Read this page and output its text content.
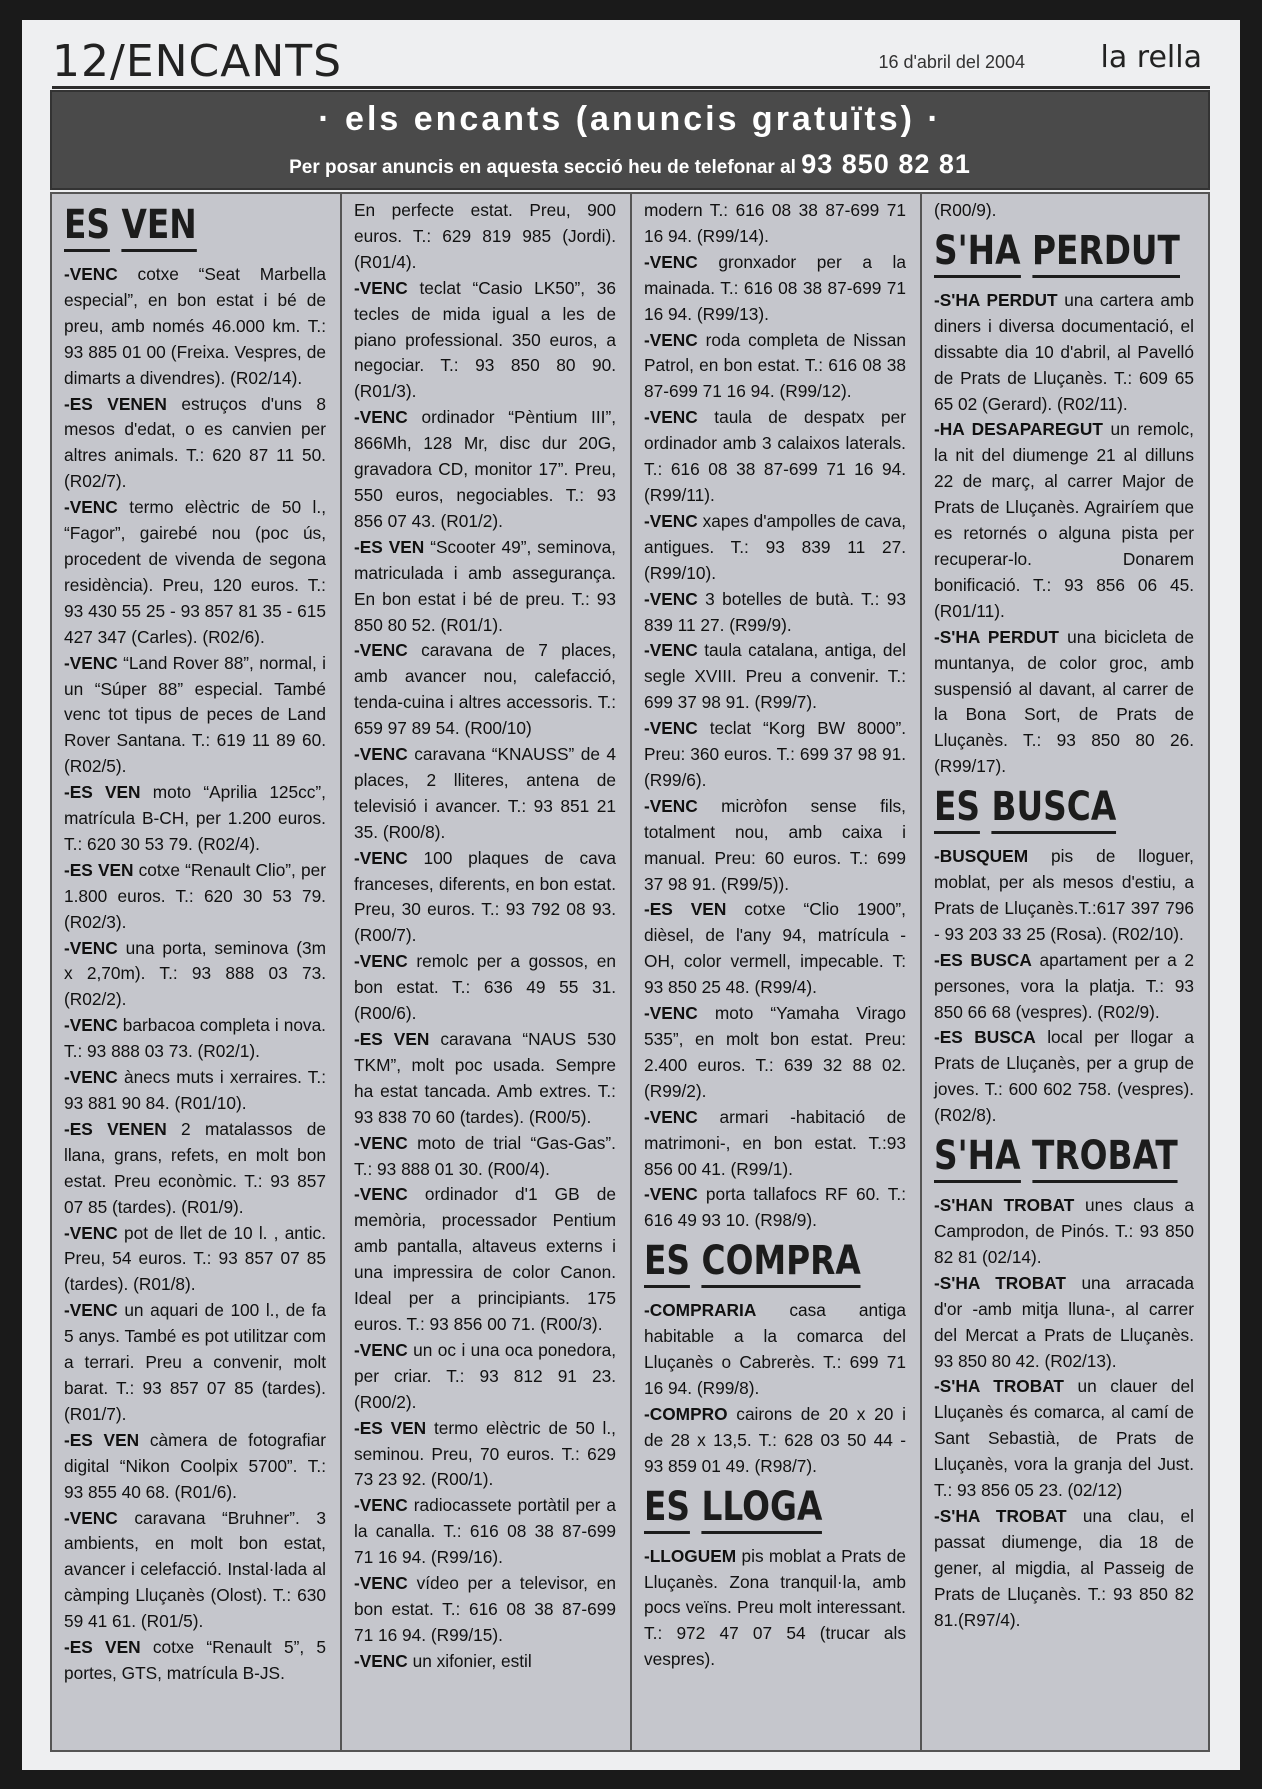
12/ENCANTS	16 d'abril del 2004	la rella
· els encants (anuncis gratuïts) ·
Per posar anuncis en aquesta secció heu de telefonar al 93 850 82 81
ES VEN

-VENC cotxe “Seat Marbella especial”, en bon estat i bé de preu, amb només 46.000 km. T.: 93 885 01 00 (Freixa. Vespres, de dimarts a divendres). (R02/14).

-ES VENEN estruços d'uns 8 mesos d'edat, o es canvien per altres animals. T.: 620 87 11 50. (R02/7).

-VENC termo elèctric de 50 l., “Fagor”, gairebé nou (poc ús, procedent de vivenda de segona residència). Preu, 120 euros. T.: 93 430 55 25 - 93 857 81 35 - 615 427 347 (Carles). (R02/6).

-VENC “Land Rover 88”, normal, i un “Súper 88” especial. També venc tot tipus de peces de Land Rover Santana. T.: 619 11 89 60. (R02/5).

-ES VEN moto “Aprilia 125cc”, matrícula B-CH, per 1.200 euros. T.: 620 30 53 79. (R02/4).

-ES VEN cotxe “Renault Clio”, per 1.800 euros. T.: 620 30 53 79. (R02/3).

-VENC una porta, seminova (3m x 2,70m). T.: 93 888 03 73. (R02/2).

-VENC barbacoa completa i nova. T.: 93 888 03 73. (R02/1).

-VENC ànecs muts i xerraires. T.: 93 881 90 84. (R01/10).

-ES VENEN 2 matalassos de llana, grans, refets, en molt bon estat. Preu econòmic. T.: 93 857 07 85 (tardes). (R01/9).

-VENC pot de llet de 10 l. , antic. Preu, 54 euros. T.: 93 857 07 85 (tardes). (R01/8).

-VENC un aquari de 100 l., de fa 5 anys. També es pot utilitzar com a terrari. Preu a convenir, molt barat. T.: 93 857 07 85 (tardes). (R01/7).

-ES VEN càmera de fotografiar digital “Nikon Coolpix 5700”. T.: 93 855 40 68. (R01/6).

-VENC caravana “Bruhner”. 3 ambients, en molt bon estat, avancer i celefacció. Instal·lada al càmping Lluçanès (Olost). T.: 630 59 41 61. (R01/5).

-ES VEN cotxe “Renault 5”, 5 portes, GTS, matrícula B-JS.

En perfecte estat. Preu, 900 euros. T.: 629 819 985 (Jordi). (R01/4).

-VENC teclat “Casio LK50”, 36 tecles de mida igual a les de piano professional. 350 euros, a negociar. T.: 93 850 80 90. (R01/3).

-VENC ordinador “Pèntium III”, 866Mh, 128 Mr, disc dur 20G, gravadora CD, monitor 17”. Preu, 550 euros, negociables. T.: 93 856 07 43. (R01/2).

-ES VEN “Scooter 49”, seminova, matriculada i amb assegurança. En bon estat i bé de preu. T.: 93 850 80 52. (R01/1).

-VENC caravana de 7 places, amb avancer nou, calefacció, tenda-cuina i altres accessoris. T.: 659 97 89 54. (R00/10)

-VENC caravana “KNAUSS” de 4 places, 2 lliteres, antena de televisió i avancer. T.: 93 851 21 35. (R00/8).

-VENC 100 plaques de cava franceses, diferents, en bon estat. Preu, 30 euros. T.: 93 792 08 93. (R00/7).

-VENC remolc per a gossos, en bon estat. T.: 636 49 55 31. (R00/6).

-ES VEN caravana “NAUS 530 TKM”, molt poc usada. Sempre ha estat tancada. Amb extres. T.: 93 838 70 60 (tardes). (R00/5).

-VENC moto de trial “Gas-Gas”. T.: 93 888 01 30. (R00/4).

-VENC ordinador d'1 GB de memòria, processador Pentium amb pantalla, altaveus externs i una impressira de color Canon. Ideal per a principiants. 175 euros. T.: 93 856 00 71. (R00/3).

-VENC un oc i una oca ponedora, per criar. T.: 93 812 91 23. (R00/2).

-ES VEN termo elèctric de 50 l., seminou. Preu, 70 euros. T.: 629 73 23 92. (R00/1).

-VENC radiocassete portàtil per a la canalla. T.: 616 08 38 87-699 71 16 94. (R99/16).

-VENC vídeo per a televisor, en bon estat. T.: 616 08 38 87-699 71 16 94. (R99/15).

-VENC un xifonier, estil

modern T.: 616 08 38 87-699 71 16 94. (R99/14).

-VENC gronxador per a la mainada. T.: 616 08 38 87-699 71 16 94. (R99/13).

-VENC roda completa de Nissan Patrol, en bon estat. T.: 616 08 38 87-699 71 16 94. (R99/12).

-VENC taula de despatx per ordinador amb 3 calaixos laterals. T.: 616 08 38 87-699 71 16 94. (R99/11).

-VENC xapes d'ampolles de cava, antigues. T.: 93 839 11 27. (R99/10).

-VENC 3 botelles de butà. T.: 93 839 11 27. (R99/9).

-VENC taula catalana, antiga, del segle XVIII. Preu a convenir. T.: 699 37 98 91. (R99/7).

-VENC teclat “Korg BW 8000”. Preu: 360 euros. T.: 699 37 98 91. (R99/6).

-VENC micròfon sense fils, totalment nou, amb caixa i manual. Preu: 60 euros. T.: 699 37 98 91. (R99/5)).

-ES VEN cotxe “Clio 1900”, dièsel, de l'any 94, matrícula - OH, color vermell, impecable. T: 93 850 25 48. (R99/4).

-VENC moto “Yamaha Virago 535”, en molt bon estat. Preu: 2.400 euros. T.: 639 32 88 02. (R99/2).

-VENC armari -habitació de matrimoni-, en bon estat. T.:93 856 00 41. (R99/1).

-VENC porta tallafocs RF 60. T.: 616 49 93 10. (R98/9).

ES COMPRA

-COMPRARIA casa antiga habitable a la comarca del Lluçanès o Cabrerès. T.: 699 71 16 94. (R99/8).

-COMPRO cairons de 20 x 20 i de 28 x 13,5. T.: 628 03 50 44 - 93 859 01 49. (R98/7).

ES LLOGA

-LLOGUEM pis moblat a Prats de Lluçanès. Zona tranquil·la, amb pocs veïns. Preu molt interessant. T.: 972 47 07 54 (trucar als vespres).

(R00/9).

S'HA PERDUT

-S'HA PERDUT una cartera amb diners i diversa documentació, el dissabte dia 10 d'abril, al Pavelló de Prats de Lluçanès. T.: 609 65 65 02 (Gerard). (R02/11).

-HA DESAPAREGUT un remolc, la nit del diumenge 21 al dilluns 22 de març, al carrer Major de Prats de Lluçanès. Agrairíem que es retornés o alguna pista per recuperar-lo. Donarem bonificació. T.: 93 856 06 45. (R01/11).

-S'HA PERDUT una bicicleta de muntanya, de color groc, amb suspensió al davant, al carrer de la Bona Sort, de Prats de Lluçanès. T.: 93 850 80 26. (R99/17).

ES BUSCA

-BUSQUEM pis de lloguer, moblat, per als mesos d'estiu, a Prats de Lluçanès.T.:617 397 796 - 93 203 33 25 (Rosa). (R02/10).

-ES BUSCA apartament per a 2 persones, vora la platja. T.: 93 850 66 68 (vespres). (R02/9).

-ES BUSCA local per llogar a Prats de Lluçanès, per a grup de joves. T.: 600 602 758. (vespres). (R02/8).

S'HA TROBAT

-S'HAN TROBAT unes claus a Camprodon, de Pinós. T.: 93 850 82 81 (02/14).

-S'HA TROBAT una arracada d'or -amb mitja lluna-, al carrer del Mercat a Prats de Lluçanès. 93 850 80 42. (R02/13).

-S'HA TROBAT un clauer del Lluçanès és comarca, al camí de Sant Sebastià, de Prats de Lluçanès, vora la granja del Just. T.: 93 856 05 23. (02/12)

-S'HA TROBAT una clau, el passat diumenge, dia 18 de gener, al migdia, al Passeig de Prats de Lluçanès. T.: 93 850 82 81.(R97/4).
